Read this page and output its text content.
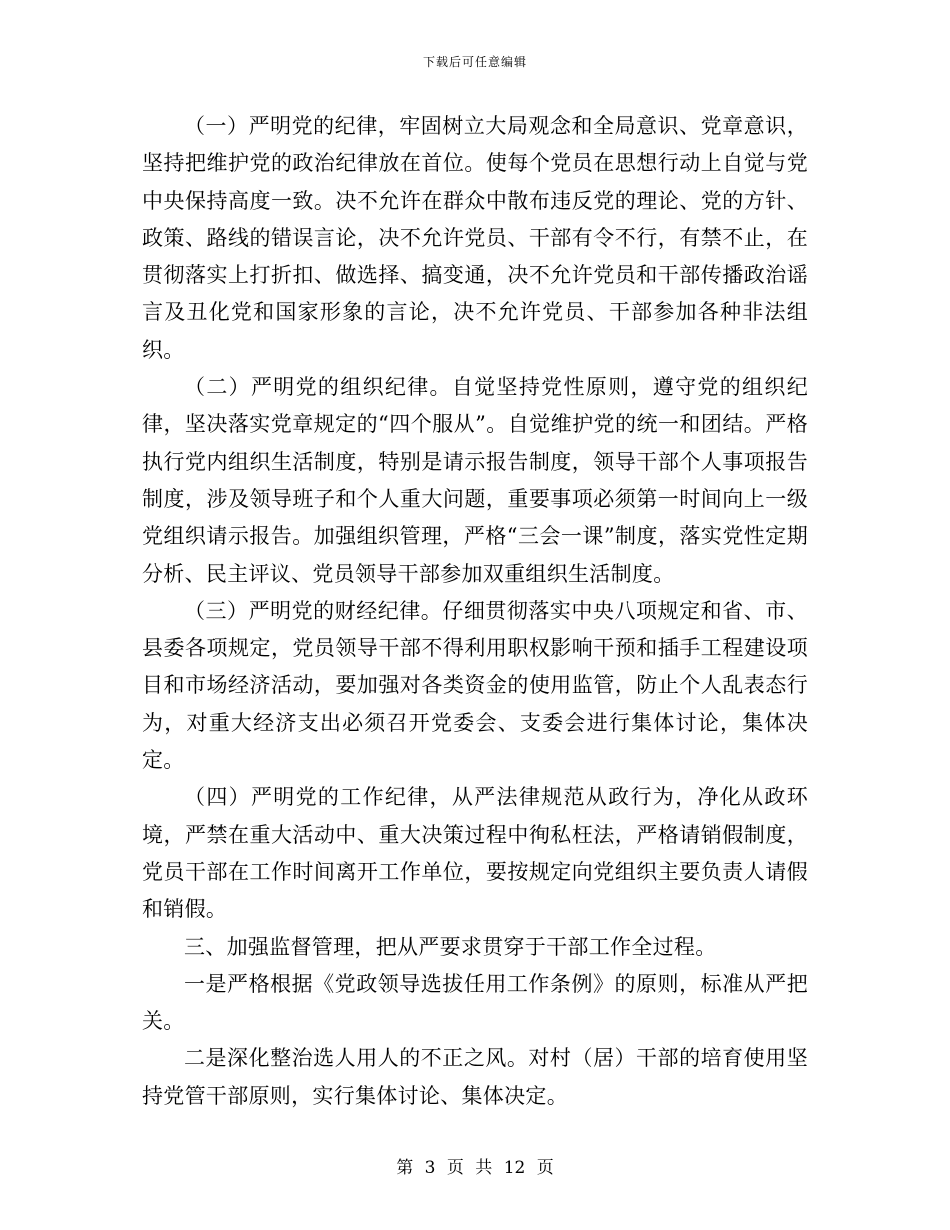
下载后可任意编辑

（一）严明党的纪律，牢固树立大局观念和全局意识、党章意识，坚持把维护党的政治纪律放在首位。使每个党员在思想行动上自觉与党中央保持高度一致。决不允许在群众中散布违反党的理论、党的方针、政策、路线的错误言论，决不允许党员、干部有令不行，有禁不止，在贯彻落实上打折扣、做选择、搞变通，决不允许党员和干部传播政治谣言及丑化党和国家形象的言论，决不允许党员、干部参加各种非法组织。

（二）严明党的组织纪律。自觉坚持党性原则，遵守党的组织纪律，坚决落实党章规定的“四个服从”。自觉维护党的统一和团结。严格执行党内组织生活制度，特别是请示报告制度，领导干部个人事项报告制度，涉及领导班子和个人重大问题，重要事项必须第一时间向上一级党组织请示报告。加强组织管理，严格“三会一课”制度，落实党性定期分析、民主评议、党员领导干部参加双重组织生活制度。

（三）严明党的财经纪律。仔细贯彻落实中央八项规定和省、市、县委各项规定，党员领导干部不得利用职权影响干预和插手工程建设项目和市场经济活动，要加强对各类资金的使用监管，防止个人乱表态行为，对重大经济支出必须召开党委会、支委会进行集体讨论，集体决定。

（四）严明党的工作纪律，从严法律规范从政行为，净化从政环境，严禁在重大活动中、重大决策过程中徇私枉法，严格请销假制度，党员干部在工作时间离开工作单位，要按规定向党组织主要负责人请假和销假。

三、加强监督管理，把从严要求贯穿于干部工作全过程。

一是严格根据《党政领导选拔任用工作条例》的原则，标准从严把关。

二是深化整治选人用人的不正之风。对村（居）干部的培育使用坚持党管干部原则，实行集体讨论、集体决定。

第 3 页 共 12 页
